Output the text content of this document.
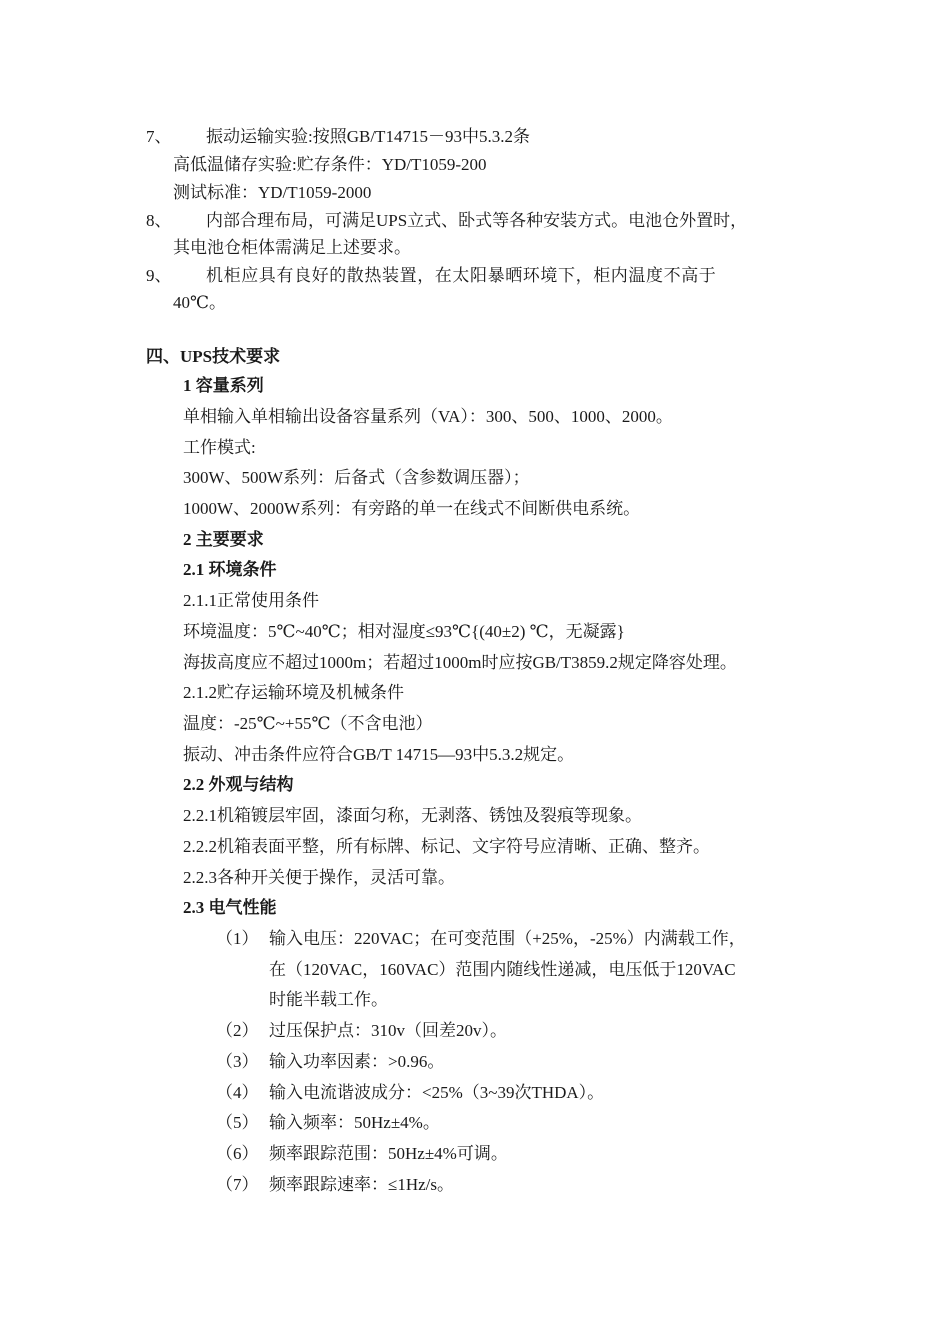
7、 振动运输实验:按照GB/T14715－93中5.3.2条
高低温储存实验:贮存条件：YD/T1059-200
测试标准：YD/T1059-2000
8、 内部合理布局，可满足UPS立式、卧式等各种安装方式。电池仓外置时，
其电池仓柜体需满足上述要求。
9、 机柜应具有良好的散热装置，在太阳暴晒环境下，柜内温度不高于
40℃。
四、UPS技术要求
1 容量系列
单相输入单相输出设备容量系列（VA）：300、500、1000、2000。
工作模式:
300W、500W系列：后备式（含参数调压器）；
1000W、2000W系列：有旁路的单一在线式不间断供电系统。
2 主要要求
2.1 环境条件
2.1.1正常使用条件
环境温度：5℃~40℃；相对湿度≤93℃{(40±2) ℃，无凝露}
海拔高度应不超过1000m；若超过1000m时应按GB/T3859.2规定降容处理。
2.1.2贮存运输环境及机械条件
温度：-25℃~+55℃（不含电池）
振动、冲击条件应符合GB/T 14715—93中5.3.2规定。
2.2 外观与结构
2.2.1机箱镀层牢固，漆面匀称，无剥落、锈蚀及裂痕等现象。
2.2.2机箱表面平整，所有标牌、标记、文字符号应清晰、正确、整齐。
2.2.3各种开关便于操作，灵活可靠。
2.3 电气性能
（1） 输入电压：220VAC；在可变范围（+25%，-25%）内满载工作，
在（120VAC，160VAC）范围内随线性递减，电压低于120VAC
时能半载工作。
（2） 过压保护点：310v（回差20v）。
（3） 输入功率因素：>0.96。
（4） 输入电流谐波成分：<25%（3~39次THDA）。
（5） 输入频率：50Hz±4%。
（6） 频率跟踪范围：50Hz±4%可调。
（7） 频率跟踪速率：≤1Hz/s。
